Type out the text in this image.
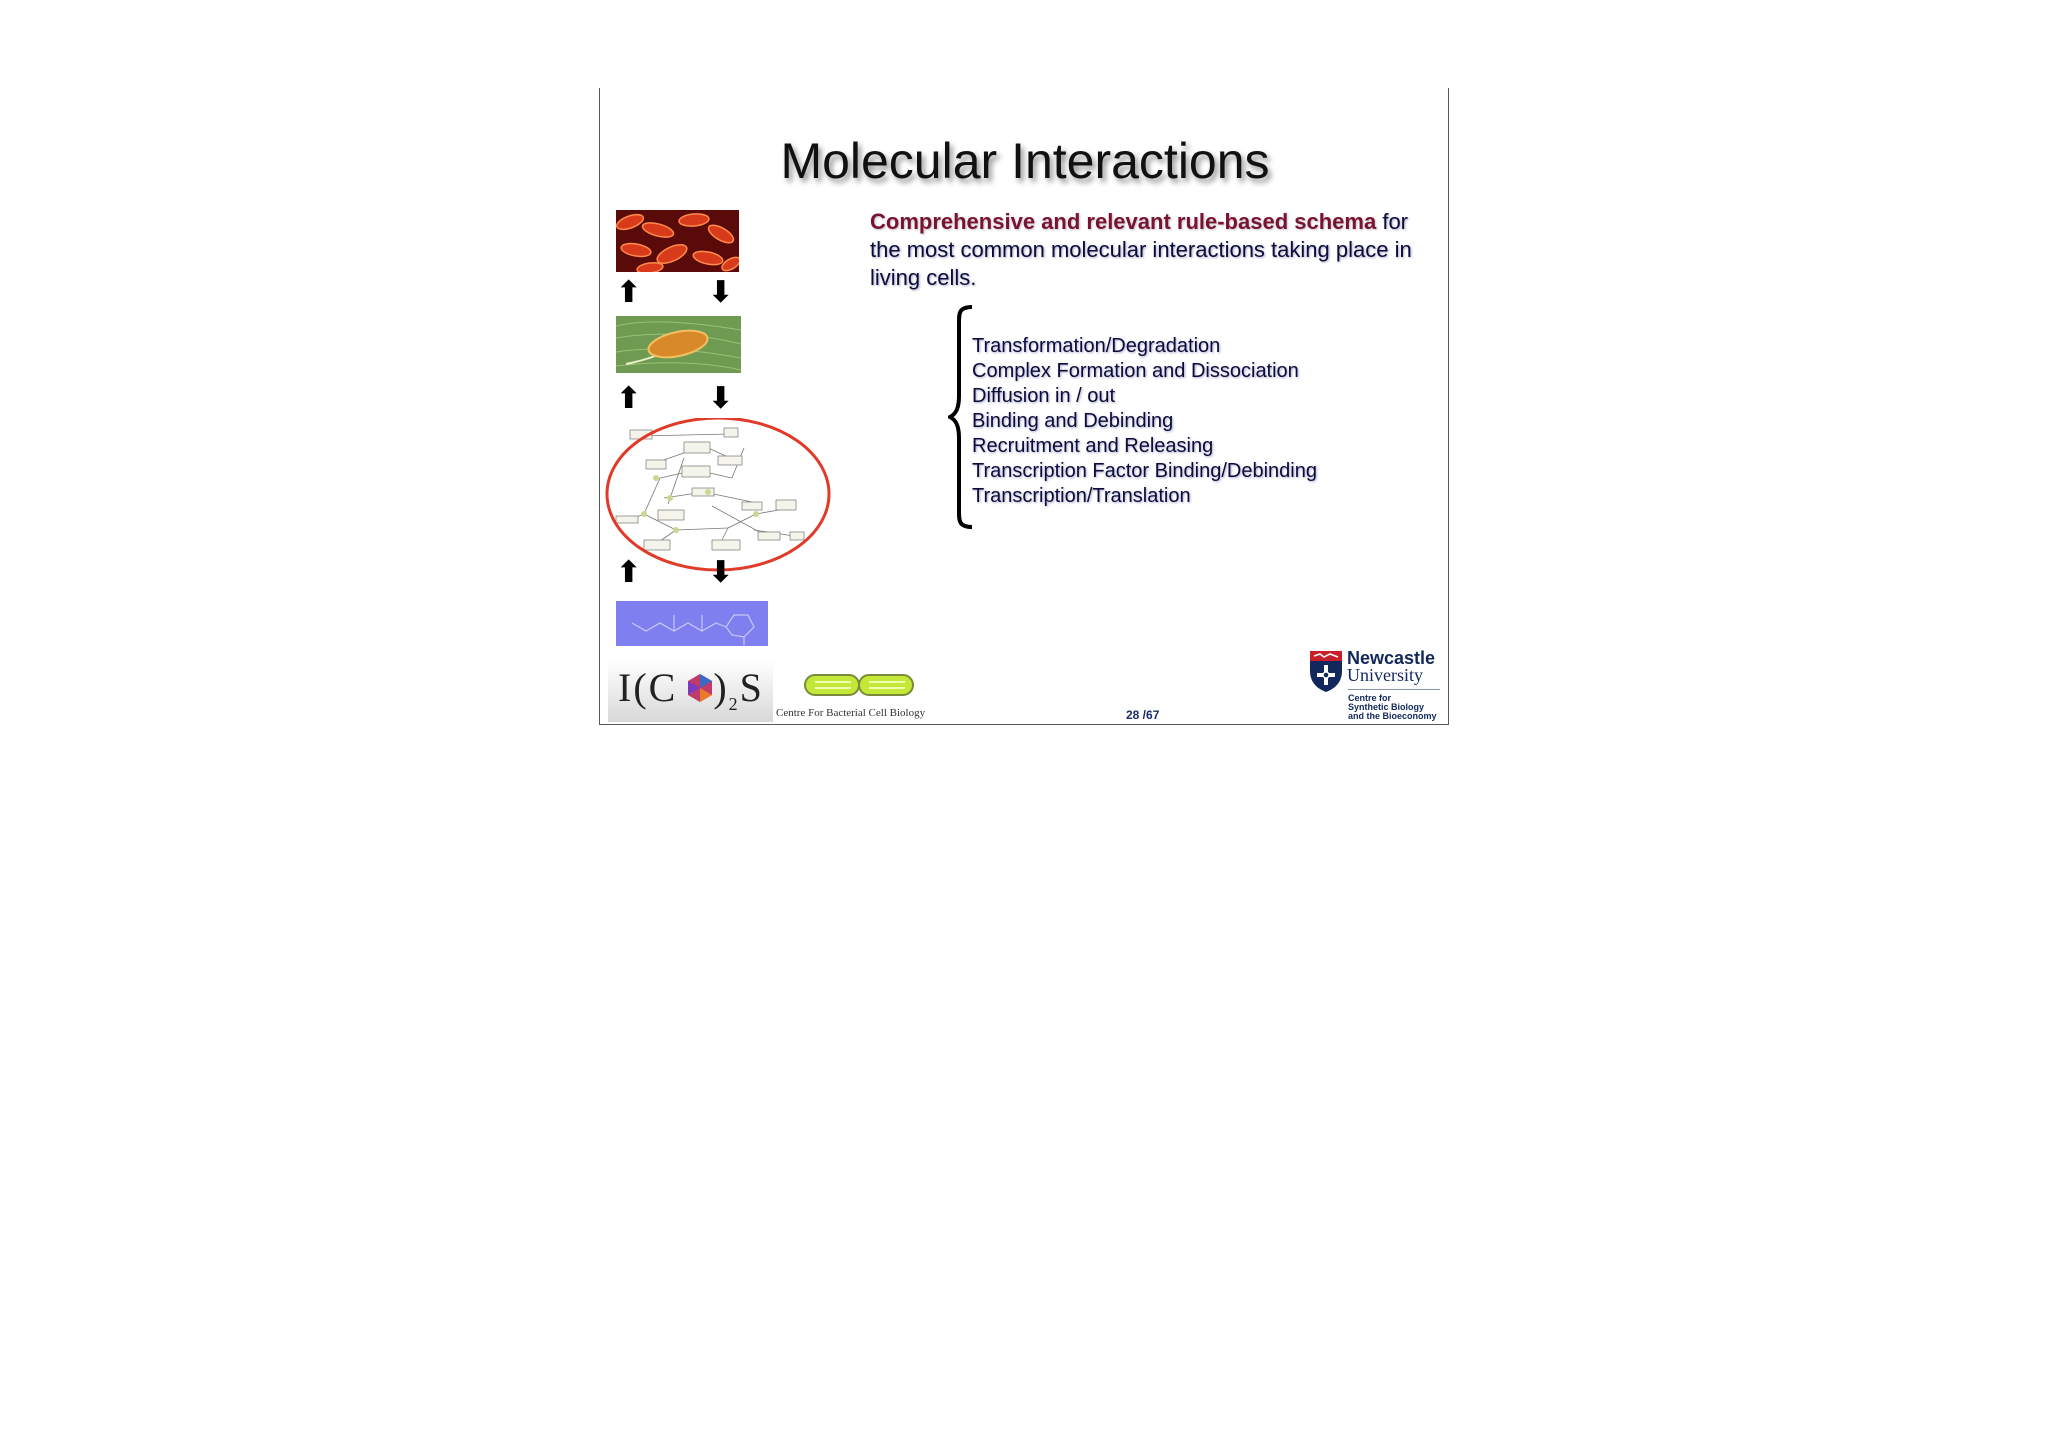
Molecular Interactions
Comprehensive and relevant rule-based schema for the most common molecular interactions taking place in living cells.
Transformation/Degradation
Complex Formation and Dissociation
Diffusion in / out
Binding and Debinding
Recruitment and Releasing
Transcription Factor Binding/Debinding
Transcription/Translation
⬆ ⬇
⬆ ⬇
⬆ ⬇
I(C )$_2S$
Centre For Bacterial Cell Biology	28 /67
Newcastle
University
Centre for
Synthetic Biology
and the Bioeconomy
